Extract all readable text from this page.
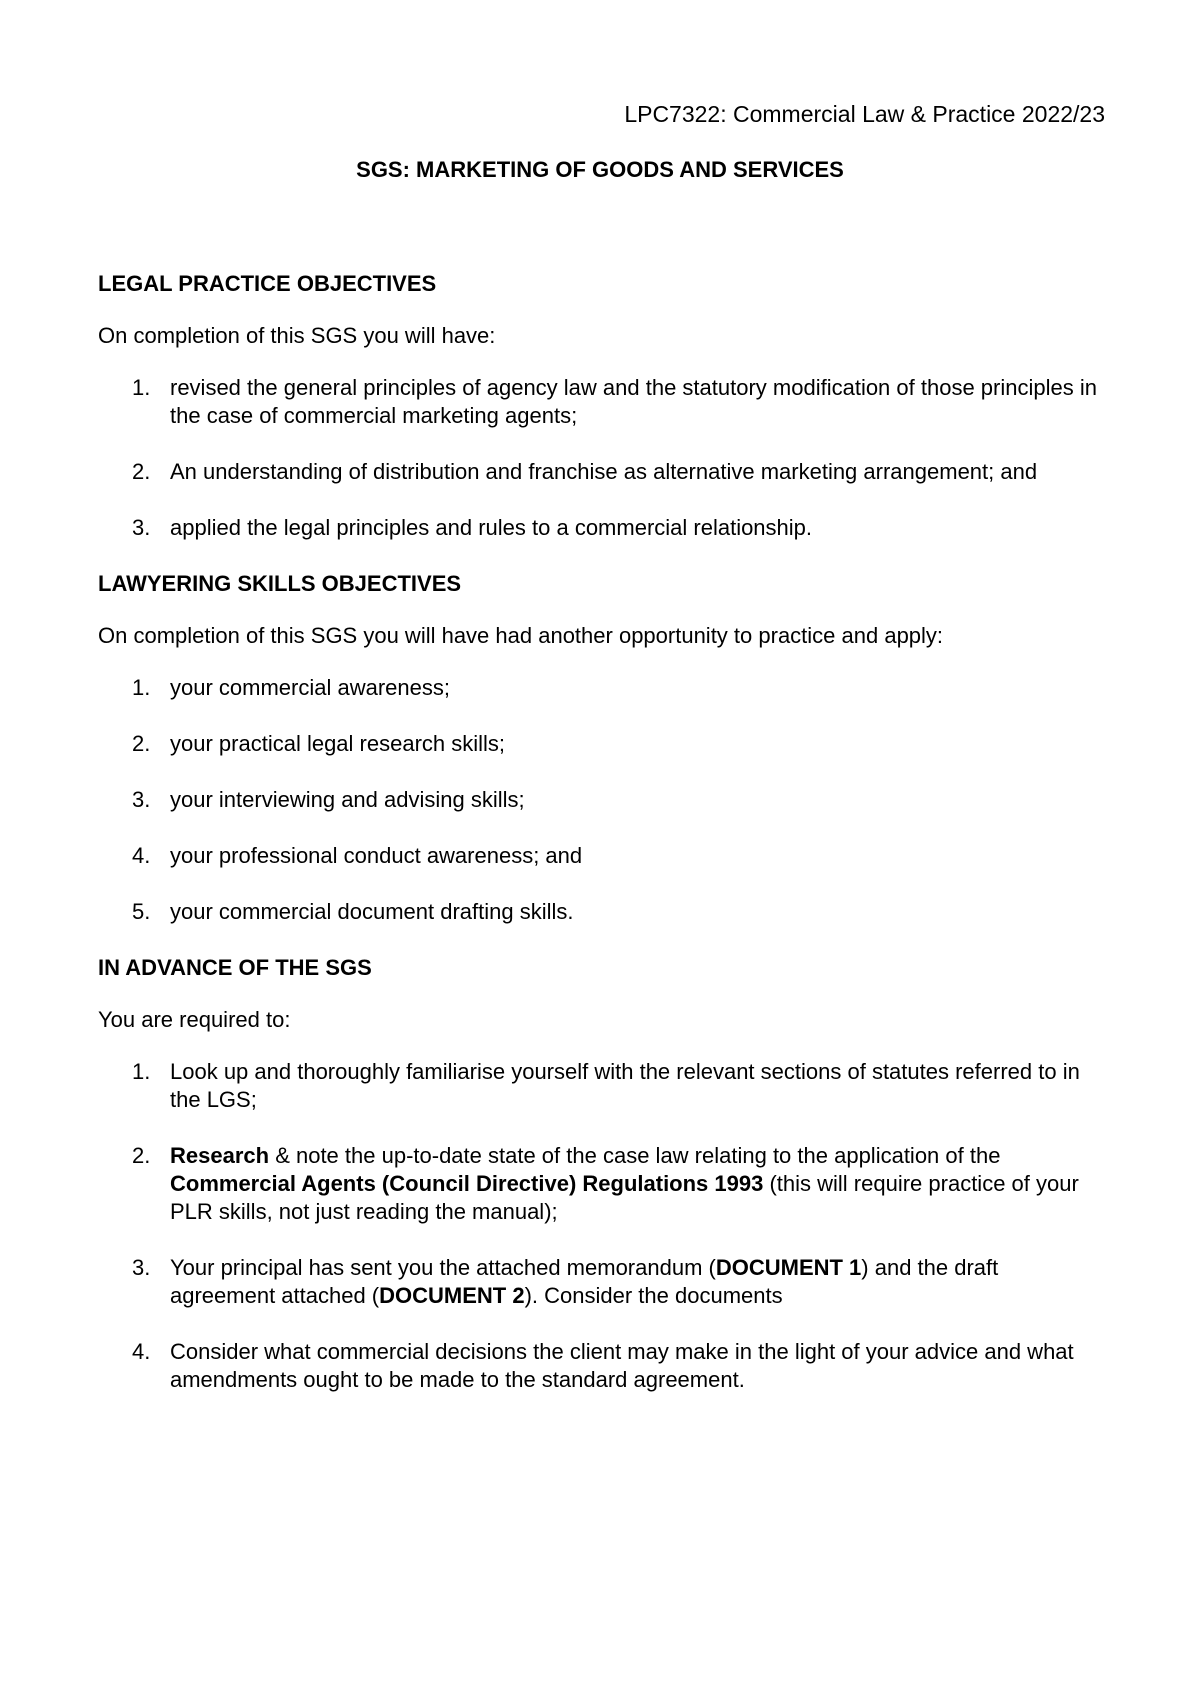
LPC7322: Commercial Law & Practice 2022/23
SGS: MARKETING OF GOODS AND SERVICES
LEGAL PRACTICE OBJECTIVES
On completion of this SGS you will have:
1. revised the general principles of agency law and the statutory modification of those principles in the case of commercial marketing agents;
2. An understanding of distribution and franchise as alternative marketing arrangement; and
3. applied the legal principles and rules to a commercial relationship.
LAWYERING SKILLS OBJECTIVES
On completion of this SGS you will have had another opportunity to practice and apply:
1. your commercial awareness;
2. your practical legal research skills;
3. your interviewing and advising skills;
4. your professional conduct awareness; and
5. your commercial document drafting skills.
IN ADVANCE OF THE SGS
You are required to:
1. Look up and thoroughly familiarise yourself with the relevant sections of statutes referred to in the LGS;
2. Research & note the up-to-date state of the case law relating to the application of the Commercial Agents (Council Directive) Regulations 1993 (this will require practice of your PLR skills, not just reading the manual);
3. Your principal has sent you the attached memorandum (DOCUMENT 1) and the draft agreement attached (DOCUMENT 2). Consider the documents
4. Consider what commercial decisions the client may make in the light of your advice and what amendments ought to be made to the standard agreement.
